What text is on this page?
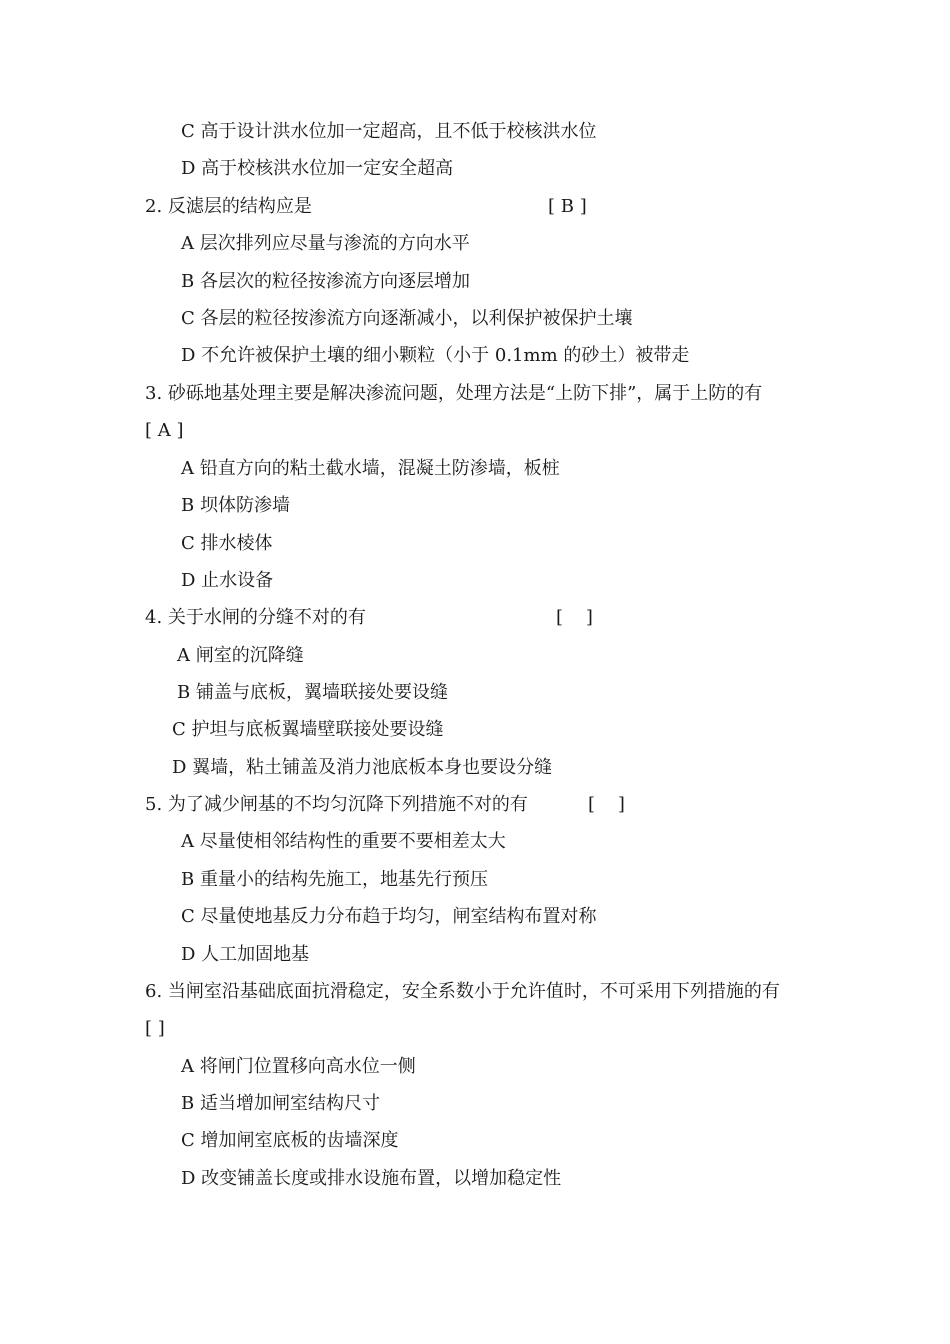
C 高于设计洪水位加一定超高，且不低于校核洪水位
D 高于校核洪水位加一定安全超高
2. 反滤层的结构应是	[ B ]
A 层次排列应尽量与渗流的方向水平
B 各层次的粒径按渗流方向逐层增加
C 各层的粒径按渗流方向逐渐减小，以利保护被保护土壤
D 不允许被保护土壤的细小颗粒（小于 0.1mm 的砂土）被带走
3. 砂砾地基处理主要是解决渗流问题，处理方法是“上防下排”，属于上防的有
[ A ]
A 铅直方向的粘土截水墙，混凝土防渗墙，板桩
B 坝体防渗墙
C 排水棱体
D 止水设备
4. 关于水闸的分缝不对的有	[    ]
A 闸室的沉降缝
B 铺盖与底板，翼墙联接处要设缝
C 护坦与底板翼墙壁联接处要设缝
D 翼墙，粘土铺盖及消力池底板本身也要设分缝
5. 为了减少闸基的不均匀沉降下列措施不对的有	[    ]
A 尽量使相邻结构性的重要不要相差太大
B 重量小的结构先施工，地基先行预压
C 尽量使地基反力分布趋于均匀，闸室结构布置对称
D 人工加固地基
6. 当闸室沿基础底面抗滑稳定，安全系数小于允许值时，不可采用下列措施的有
[ ]
A 将闸门位置移向高水位一侧
B 适当增加闸室结构尺寸
C 增加闸室底板的齿墙深度
D 改变铺盖长度或排水设施布置，以增加稳定性
